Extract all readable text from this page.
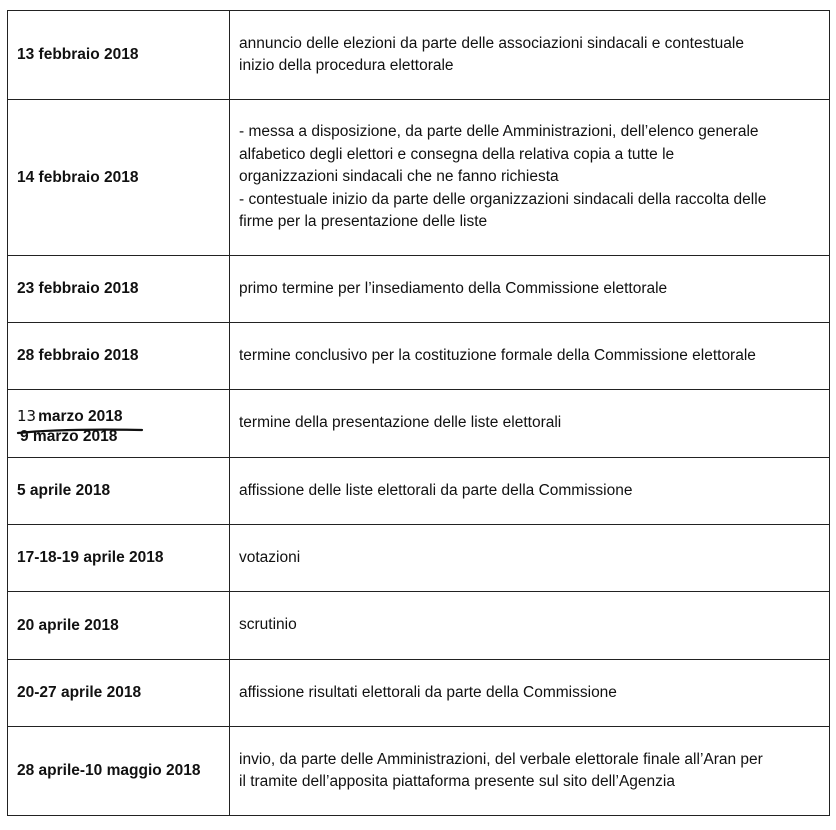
13 febbraio 2018	annuncio delle elezioni da parte delle associazioni sindacali e contestuale
inizio della procedura elettorale

14 febbraio 2018	- messa a disposizione, da parte delle Amministrazioni, dell’elenco generale
alfabetico degli elettori e consegna della relativa copia a tutte le
organizzazioni sindacali che ne fanno richiesta
- contestuale inizio da parte delle organizzazioni sindacali della raccolta delle
firme per la presentazione delle liste

23 febbraio 2018	primo termine per l’insediamento della Commissione elettorale

28 febbraio 2018	termine conclusivo per la costituzione formale della Commissione elettorale

13 marzo 2018
9 marzo 2018	termine della presentazione delle liste elettorali

5 aprile 2018	affissione delle liste elettorali da parte della Commissione

17-18-19 aprile 2018	votazioni

20 aprile 2018	scrutinio

20-27 aprile 2018	affissione risultati elettorali da parte della Commissione

28 aprile-10 maggio 2018	invio, da parte delle Amministrazioni, del verbale elettorale finale all’Aran per
il tramite dell’apposita piattaforma presente sul sito dell’Agenzia
